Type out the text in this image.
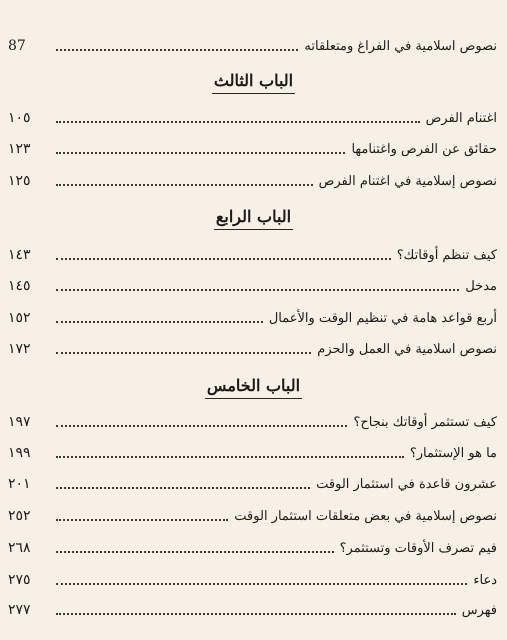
نصوص اسلامية في الفراغ ومتعلقاته
87
الباب الثالث
اغتنام الفرص
١٠٥
حقائق عن الفرص واغتنامها
١٢٣
نصوص إسلامية في اغتنام الفرص
١٢٥
الباب الرابع
كيف تنظم أوقاتك؟
١٤٣
مدخل
١٤٥
أربع قواعد هامة في تنظيم الوقت والأعمال
١٥٢
نصوص اسلامية في العمل والحزم
١٧٢
الباب الخامس
كيف تستثمر أوقاتك بنجاح؟
١٩٧
ما هو الإستثمار؟
١٩٩
عشرون قاعدة في استثمار الوقت
٢٠١
نصوص إسلامية في بعض متعلقات استثمار الوقت
٢٥٢
فيم تصرف الأوقات وتستثمر؟
٢٦٨
دعاء
٢٧٥
فهرس
٢٧٧
